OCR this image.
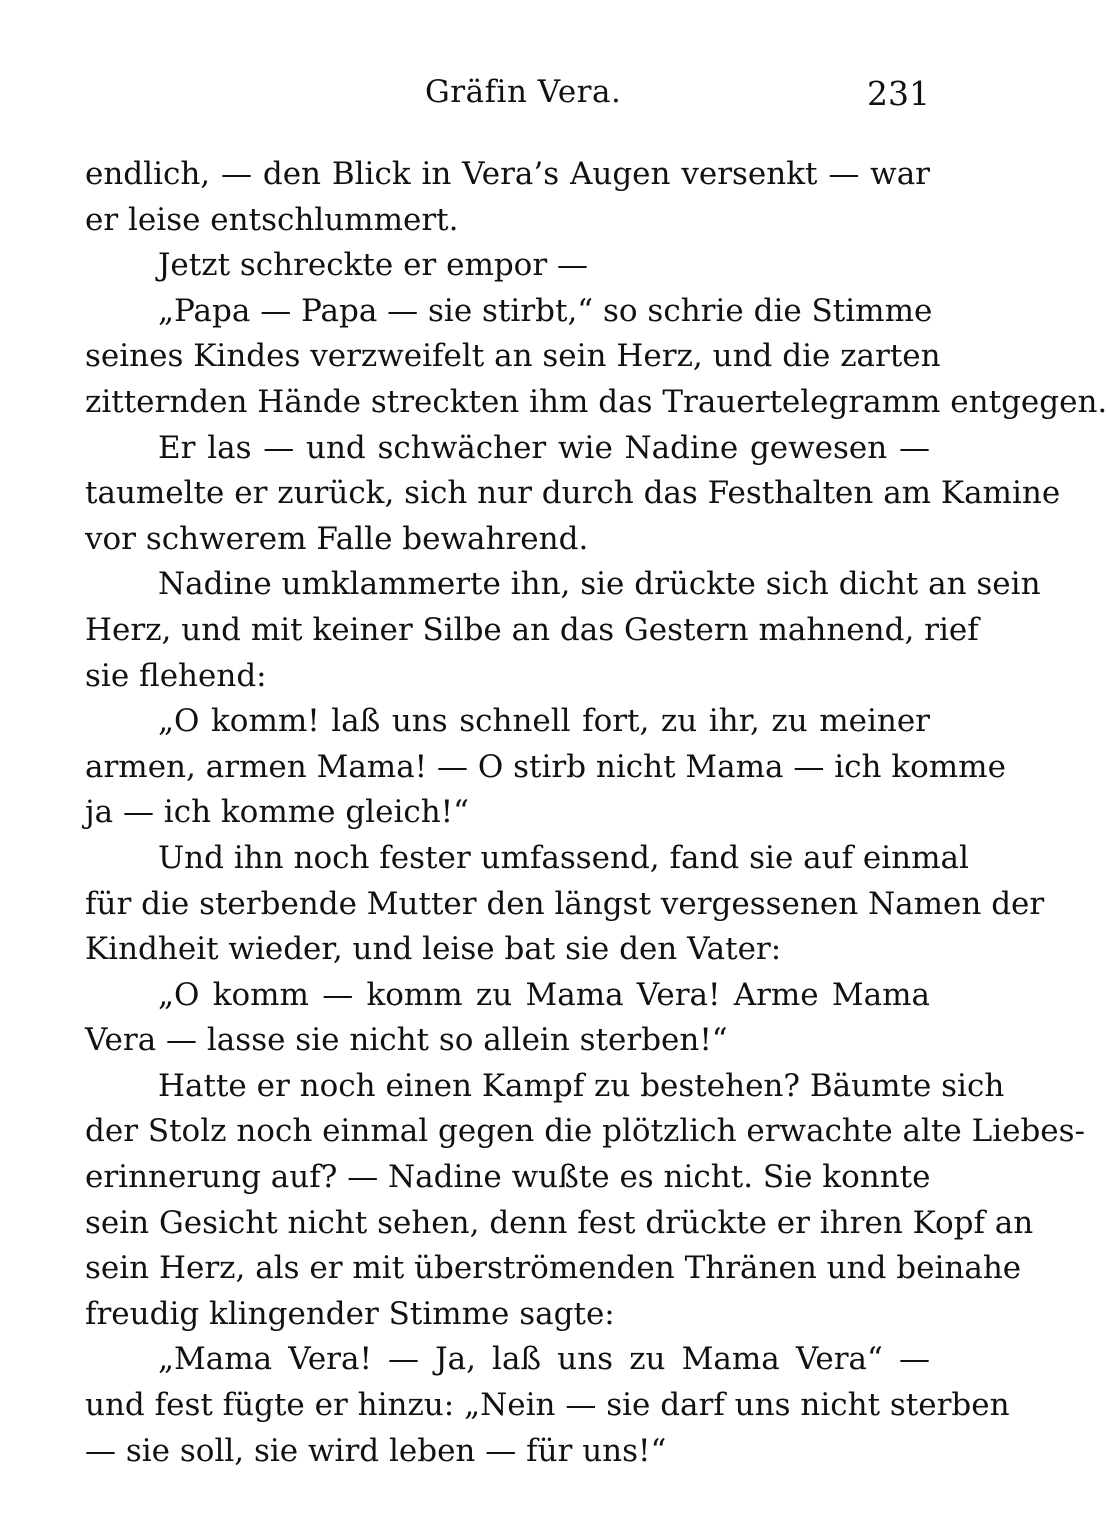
Gräfin Vera.	231
endlich, — den Blick in Vera’s Augen versenkt — war
er leise entschlummert.
Jetzt schreckte er empor —
„Papa — Papa — sie stirbt,“ so schrie die Stimme
seines Kindes verzweifelt an sein Herz, und die zarten
zitternden Hände streckten ihm das Trauertelegramm entgegen.
Er las — und schwächer wie Nadine gewesen —
taumelte er zurück, sich nur durch das Festhalten am Kamine
vor schwerem Falle bewahrend.
Nadine umklammerte ihn, sie drückte sich dicht an sein
Herz, und mit keiner Silbe an das Gestern mahnend, rief
sie flehend:
„O komm! laß uns schnell fort, zu ihr, zu meiner
armen, armen Mama! — O stirb nicht Mama — ich komme
ja — ich komme gleich!“
Und ihn noch fester umfassend, fand sie auf einmal
für die sterbende Mutter den längst vergessenen Namen der
Kindheit wieder, und leise bat sie den Vater:
„O komm — komm zu Mama Vera! Arme Mama
Vera — lasse sie nicht so allein sterben!“
Hatte er noch einen Kampf zu bestehen? Bäumte sich
der Stolz noch einmal gegen die plötzlich erwachte alte Liebes-
erinnerung auf? — Nadine wußte es nicht. Sie konnte
sein Gesicht nicht sehen, denn fest drückte er ihren Kopf an
sein Herz, als er mit überströmenden Thränen und beinahe
freudig klingender Stimme sagte:
„Mama Vera! — Ja, laß uns zu Mama Vera“ —
und fest fügte er hinzu: „Nein — sie darf uns nicht sterben
— sie soll, sie wird leben — für uns!“
